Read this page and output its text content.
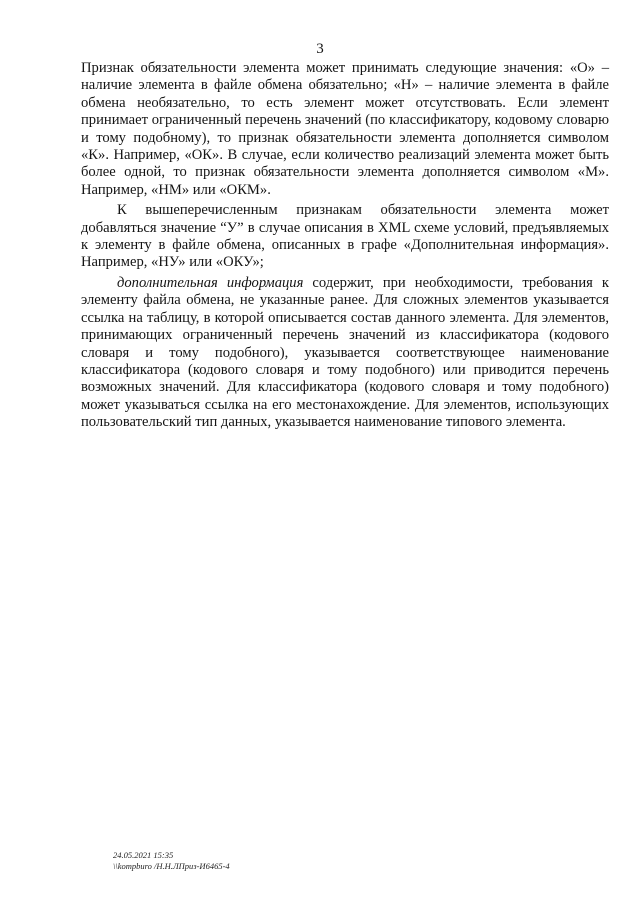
3

Признак обязательности элемента может принимать следующие значения: «О» – наличие элемента в файле обмена обязательно; «Н» – наличие элемента в файле обмена необязательно, то есть элемент может отсутствовать. Если элемент принимает ограниченный перечень значений (по классификатору, кодовому словарю и тому подобному), то признак обязательности элемента дополняется символом «К». Например, «ОК». В случае, если количество реализаций элемента может быть более одной, то признак обязательности элемента дополняется символом «М». Например, «НМ» или «ОКМ».

К вышеперечисленным признакам обязательности элемента может добавляться значение “У” в случае описания в XML схеме условий, предъявляемых к элементу в файле обмена, описанных в графе «Дополнительная информация». Например, «НУ» или «ОКУ»;

дополнительная информация содержит, при необходимости, требования к элементу файла обмена, не указанные ранее. Для сложных элементов указывается ссылка на таблицу, в которой описывается состав данного элемента. Для элементов, принимающих ограниченный перечень значений из классификатора (кодового словаря и тому подобного), указывается соответствующее наименование классификатора (кодового словаря и тому подобного) или приводится перечень возможных значений. Для классификатора (кодового словаря и тому подобного) может указываться ссылка на его местонахождение. Для элементов, использующих пользовательский тип данных, указывается наименование типового элемента.

24.05.2021 15:35
\\kompburo /Н.Н.ЛПриз-И6465-4
